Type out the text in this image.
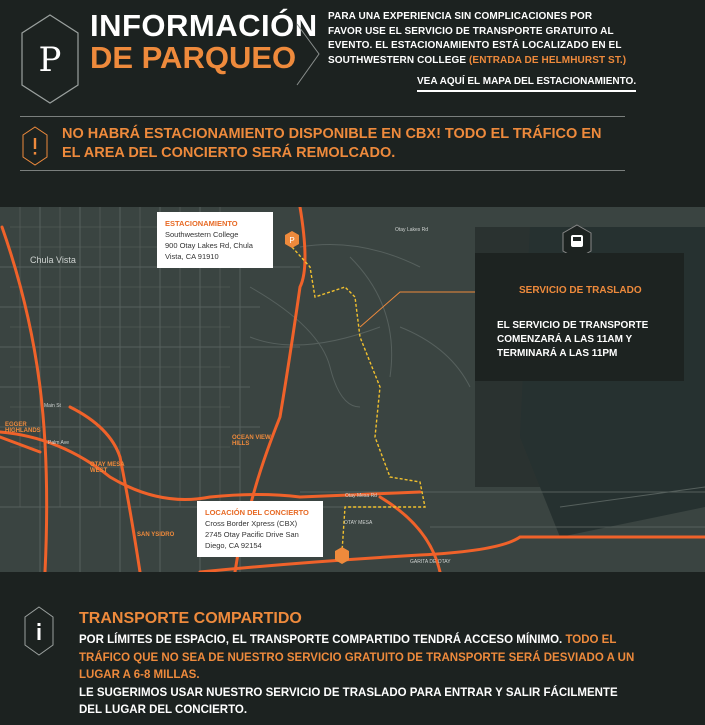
P
INFORMACIÓN
DE PARQUEO
PARA UNA EXPERIENCIA SIN COMPLICACIONES POR FAVOR USE EL SERVICIO DE TRANSPORTE GRATUITO AL EVENTO. EL ESTACIONAMIENTO ESTÁ LOCALIZADO EN EL SOUTHWESTERN COLLEGE (ENTRADA DE HELMHURST ST.)
VEA AQUÍ EL MAPA DEL ESTACIONAMIENTO.
NO HABRÁ ESTACIONAMIENTO DISPONIBLE EN CBX! TODO EL TRÁFICO EN EL AREA DEL CONCIERTO SERÁ REMOLCADO.
P
Chula Vista
EGGER HIGHLANDS
OTAY MESA WEST
OCEAN VIEW HILLS
SAN YSIDRO
OTAY MESA
GARITA DE OTAY
Otay Mesa Rd
Otay Lakes Rd
Main St
Palm Ave
ESTACIONAMIENTO
Southwestern College
900 Otay Lakes Rd, Chula
Vista, CA 91910
LOCACIÓN DEL CONCIERTO
Cross Border Xpress (CBX)
2745 Otay Pacific Drive San
Diego, CA 92154
SERVICIO DE TRASLADO
EL SERVICIO DE TRANSPORTE COMENZARÁ A LAS 11AM Y TERMINARÁ A LAS 11PM
TRANSPORTE COMPARTIDO
POR LÍMITES DE ESPACIO, EL TRANSPORTE COMPARTIDO TENDRÁ ACCESO MÍNIMO. TODO EL TRÁFICO QUE NO SEA DE NUESTRO SERVICIO GRATUITO DE TRANSPORTE SERÁ DESVIADO A UN LUGAR A 6-8 MILLAS.
LE SUGERIMOS USAR NUESTRO SERVICIO DE TRASLADO PARA ENTRAR Y SALIR FÁCILMENTE DEL LUGAR DEL CONCIERTO.
